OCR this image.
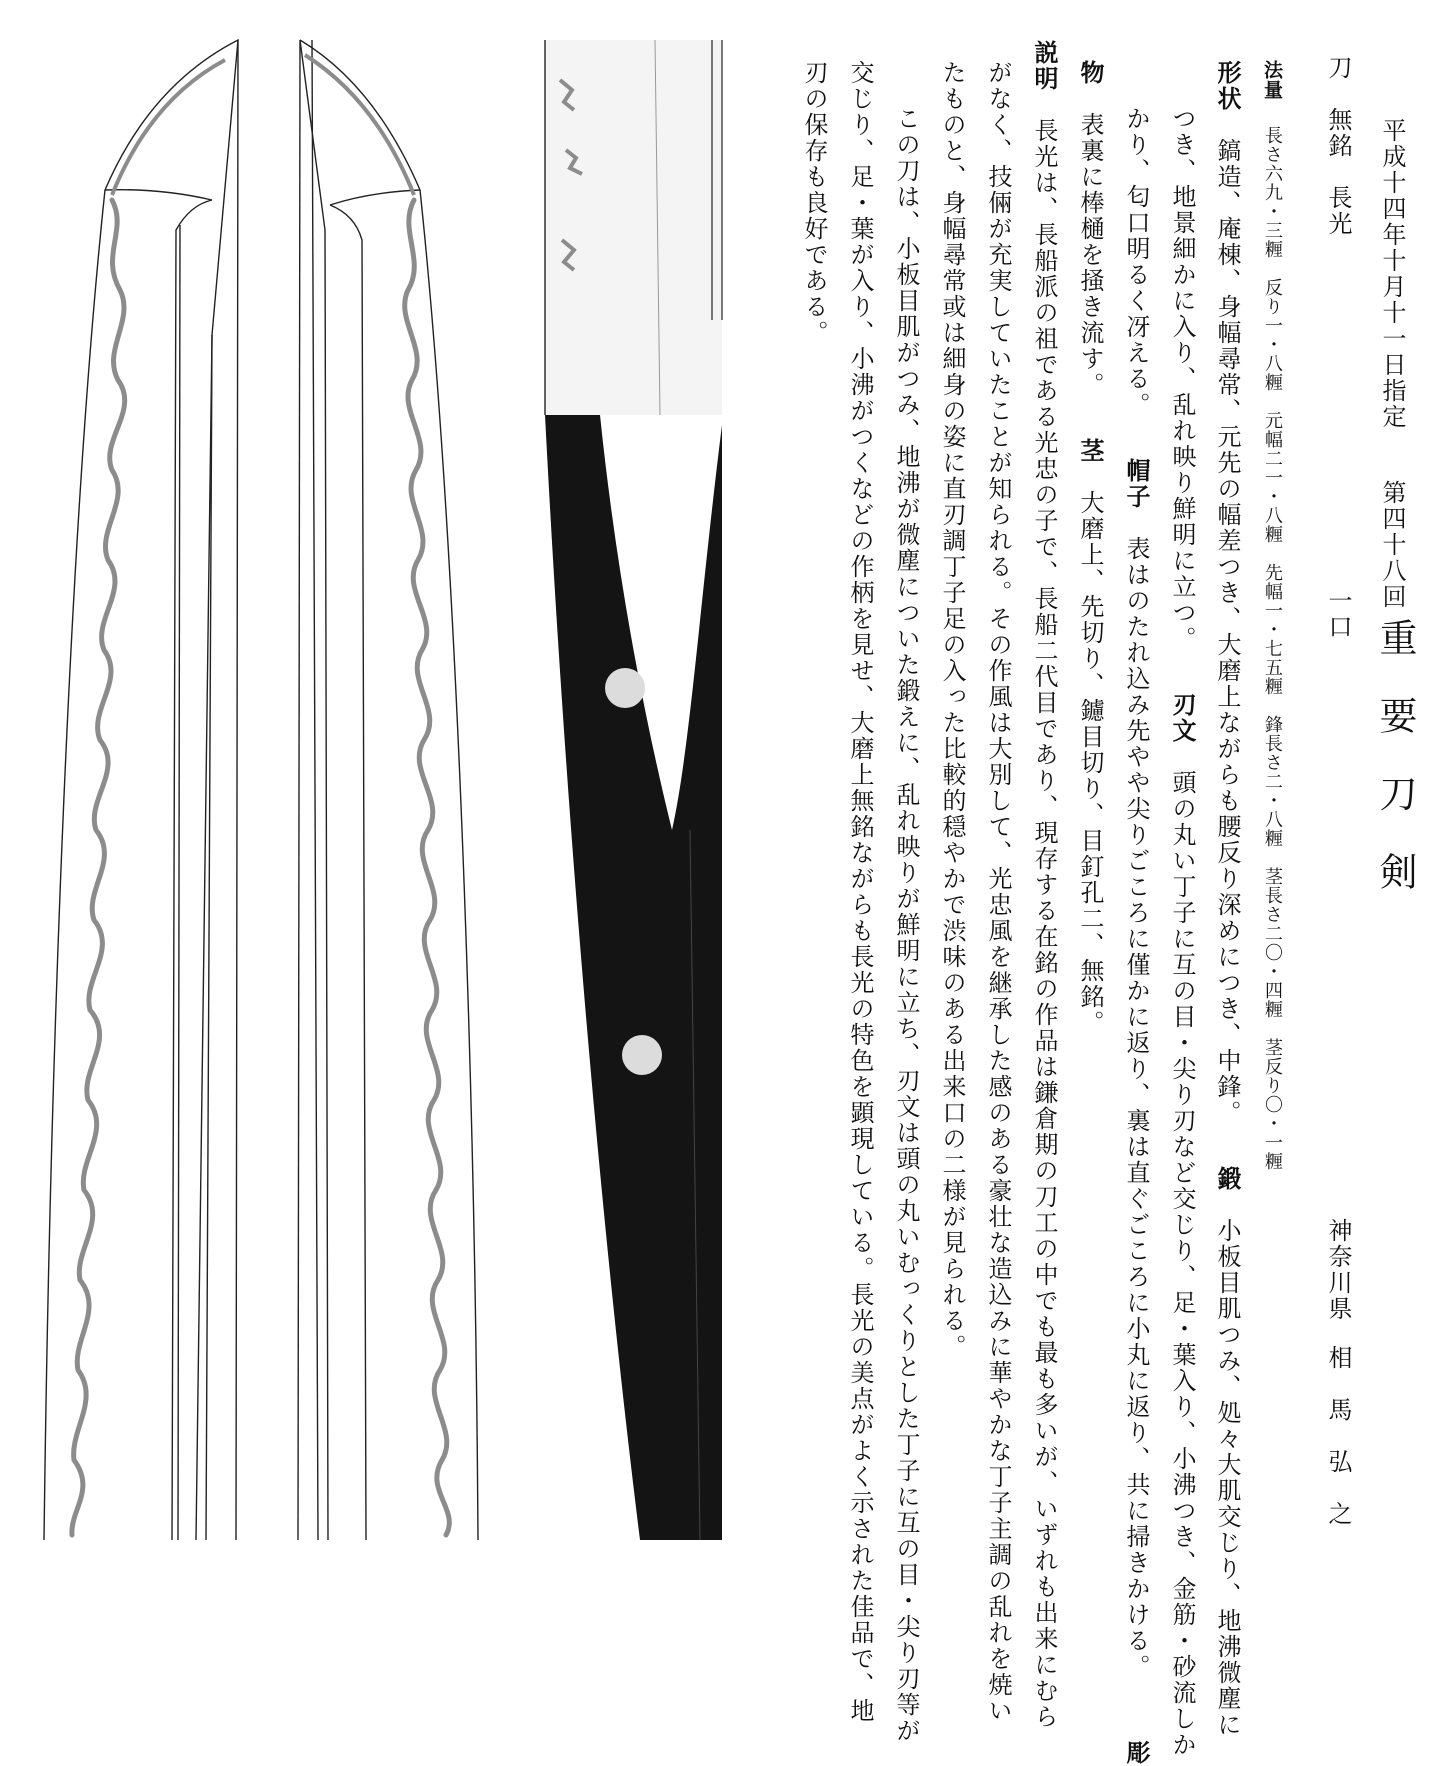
平成十四年十月十一日指定
第四十八回
重要刀剣
刀　無銘　長光
一口
神奈川県
相　馬　弘　之
法量長さ六九・三糎　反り一・八糎　元幅二一・八糎　先幅一・七五糎　鋒長さ二・八糎　茎長さ二〇・四糎　茎反り〇・一糎
形状鎬造、庵棟、身幅尋常、元先の幅差つき、大磨上ながらも腰反り深めにつき、中鋒。鍛小板目肌つみ、処々大肌交じり、地沸微塵に
つき、地景細かに入り、乱れ映り鮮明に立つ。刃文頭の丸い丁子に互の目・尖り刃など交じり、足・葉入り、小沸つき、金筋・砂流しか
かり、匂口明るく冴える。帽子表はのたれ込み先やや尖りごころに僅かに返り、裏は直ぐごころに小丸に返り、共に掃きかける。彫
物表裏に棒樋を掻き流す。茎大磨上、先切り、鑢目切り、目釘孔二、無銘。
説明長光は、長船派の祖である光忠の子で、長船二代目であり、現存する在銘の作品は鎌倉期の刀工の中でも最も多いが、いずれも出来にむら
がなく、技倆が充実していたことが知られる。その作風は大別して、光忠風を継承した感のある豪壮な造込みに華やかな丁子主調の乱れを焼い
たものと、身幅尋常或は細身の姿に直刃調丁子足の入った比較的穏やかで渋味のある出来口の二様が見られる。
この刀は、小板目肌がつみ、地沸が微塵についた鍛えに、乱れ映りが鮮明に立ち、刃文は頭の丸いむっくりとした丁子に互の目・尖り刃等が
交じり、足・葉が入り、小沸がつくなどの作柄を見せ、大磨上無銘ながらも長光の特色を顕現している。長光の美点がよく示された佳品で、地
刃の保存も良好である。
